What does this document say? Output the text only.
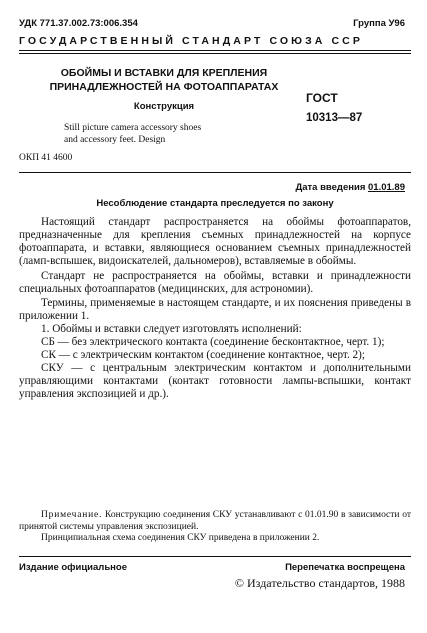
УДК 771.37.002.73:006.354	Группа У96
ГОСУДАРСТВЕННЫЙ СТАНДАРТ СОЮЗА ССР
ОБОЙМЫ И ВСТАВКИ ДЛЯ КРЕПЛЕНИЯ
ПРИНАДЛЕЖНОСТЕЙ НА ФОТОАППАРАТАХ
Конструкция
ГОСТ
10313—87
Still picture camera accessory shoes
and accessory feet. Design
ОКП 41 4600
Дата введения 01.01.89
Несоблюдение стандарта преследуется по закону

Настоящий стандарт распространяется на обоймы фотоаппаратов, предназначенные для крепления съемных принадлежностей на корпусе фотоаппарата, и вставки, являющиеся основанием съемных принадлежностей (ламп-вспышек, видоискателей, дальномеров), вставляемые в обоймы.

Стандарт не распространяется на обоймы, вставки и принадлежности специальных фотоаппаратов (медицинских, для астрономии).

Термины, применяемые в настоящем стандарте, и их пояснения приведены в приложении 1.

1. Обоймы и вставки следует изготовлять исполнений:

СБ — без электрического контакта (соединение бесконтактное, черт. 1);

СК — с электрическим контактом (соединение контактное, черт. 2);

СКУ — с центральным электрическим контактом и дополнительными управляющими контактами (контакт готовности лампы-вспышки, контакт управления экспозицией и др.).

Примечание. Конструкцию соединения СКУ устанавливают с 01.01.90 в зависимости от принятой системы управления экспозицией.

Принципиальная схема соединения СКУ приведена в приложении 2.

Издание официальное	Перепечатка воспрещена
© Издательство стандартов, 1988
